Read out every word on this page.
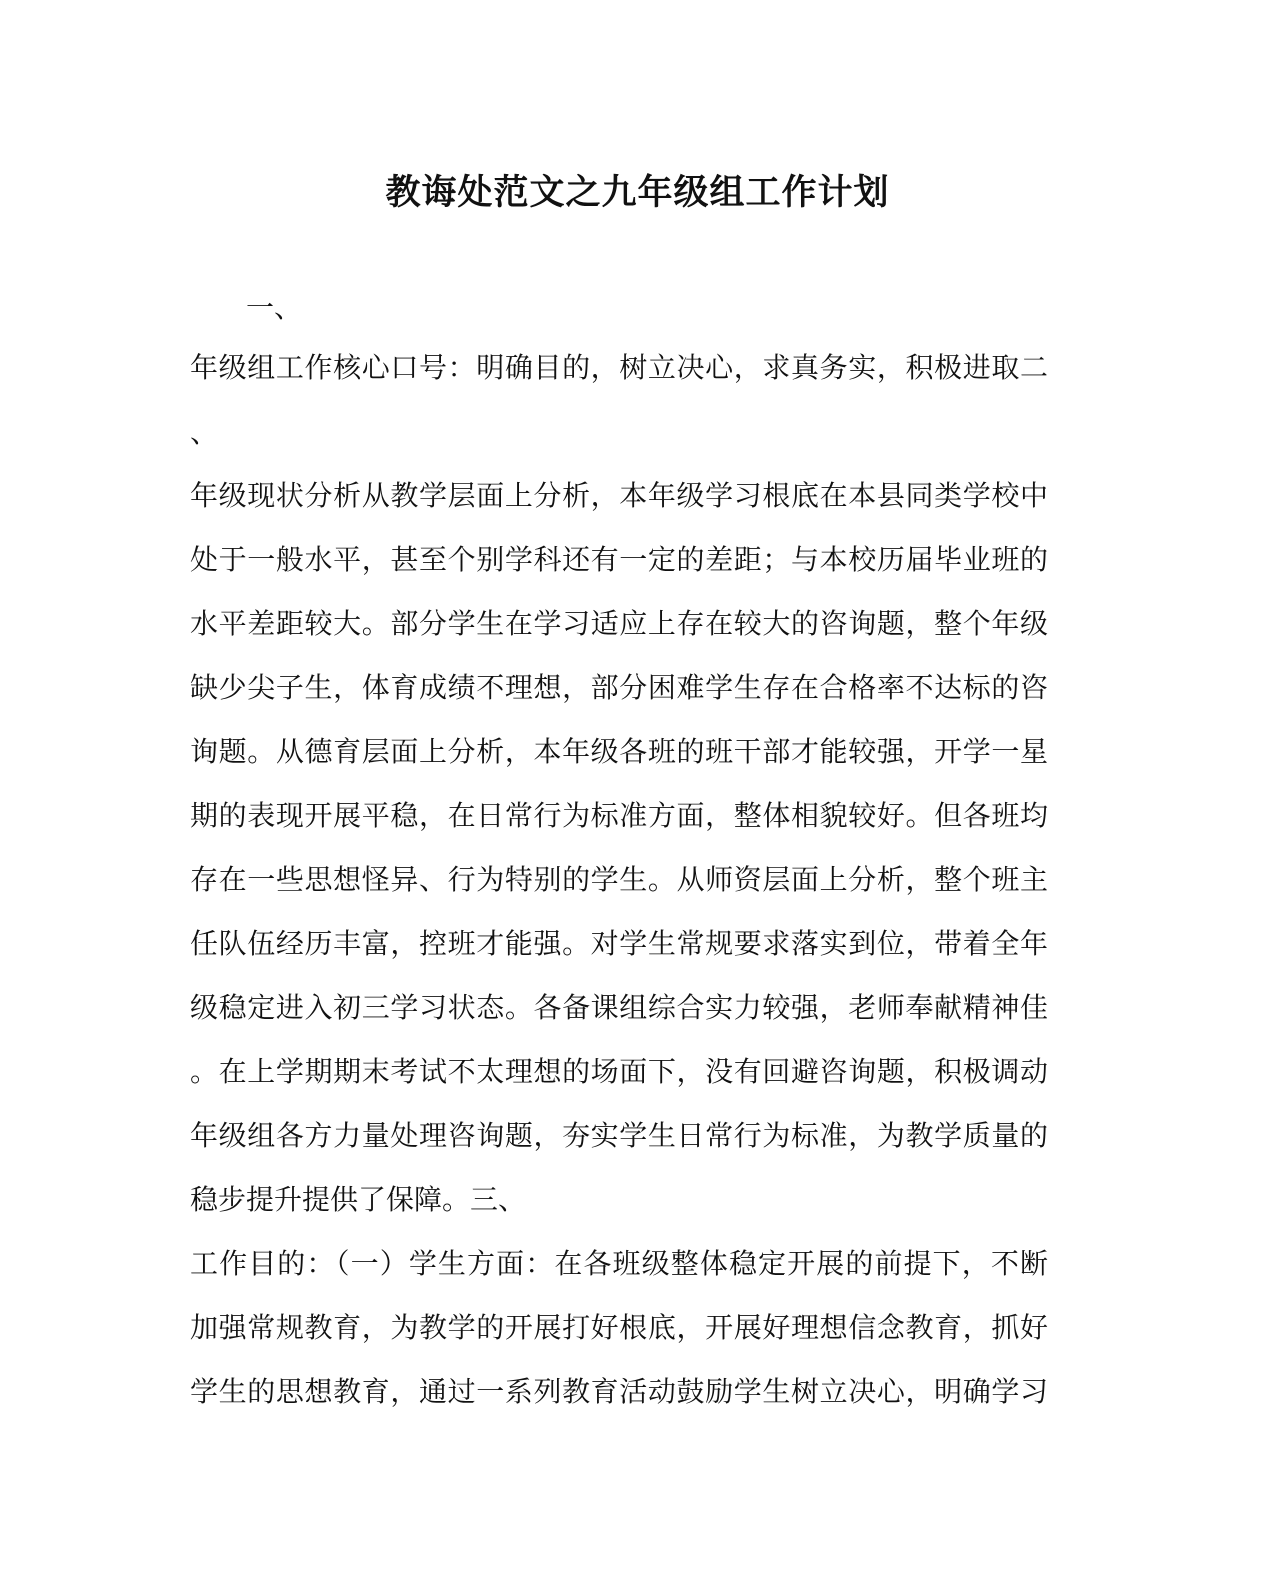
教诲处范文之九年级组工作计划

一、

年级组工作核心口号：明确目的，树立决心，求真务实，积极进取二

、

年级现状分析从教学层面上分析，本年级学习根底在本县同类学校中

处于一般水平，甚至个别学科还有一定的差距；与本校历届毕业班的

水平差距较大。部分学生在学习适应上存在较大的咨询题，整个年级

缺少尖子生，体育成绩不理想，部分困难学生存在合格率不达标的咨

询题。从德育层面上分析，本年级各班的班干部才能较强，开学一星

期的表现开展平稳，在日常行为标准方面，整体相貌较好。但各班均

存在一些思想怪异、行为特别的学生。从师资层面上分析，整个班主

任队伍经历丰富，控班才能强。对学生常规要求落实到位，带着全年

级稳定进入初三学习状态。各备课组综合实力较强，老师奉献精神佳

。在上学期期末考试不太理想的场面下，没有回避咨询题，积极调动

年级组各方力量处理咨询题，夯实学生日常行为标准，为教学质量的

稳步提升提供了保障。三、

工作目的：（一）学生方面：在各班级整体稳定开展的前提下，不断

加强常规教育，为教学的开展打好根底，开展好理想信念教育，抓好

学生的思想教育，通过一系列教育活动鼓励学生树立决心，明确学习
